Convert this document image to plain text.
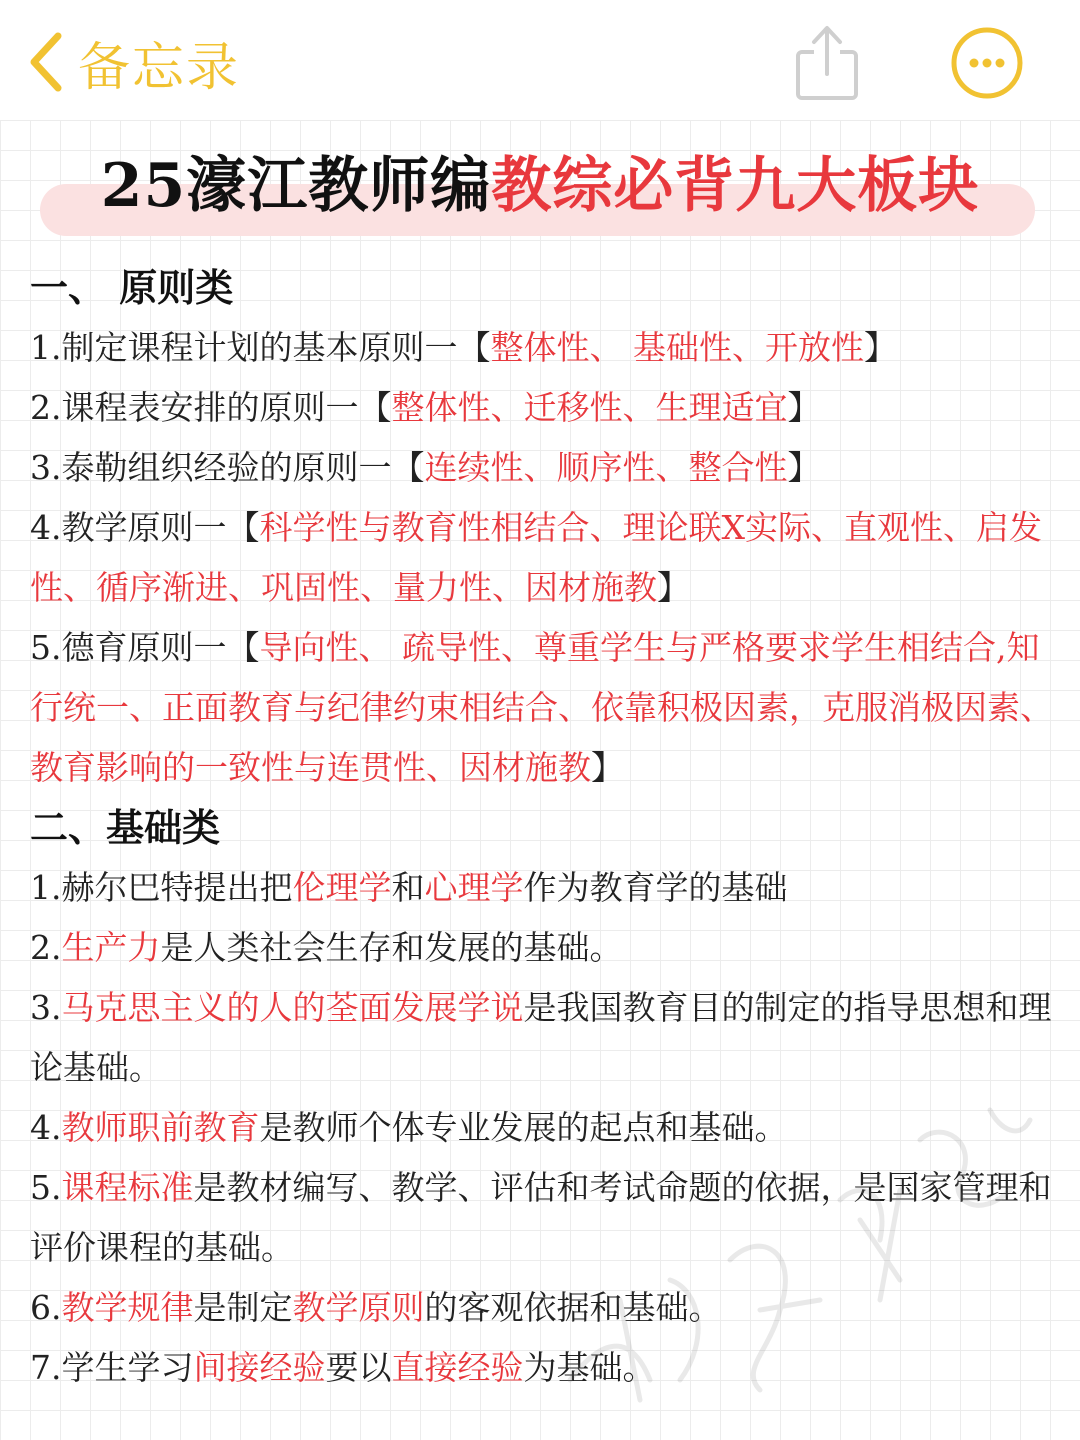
备忘录
25濠江教师编教综必背九大板块
一、 原则类
1.制定课程计划的基本原则一【整体性、 基础性、开放性】
2.课程表安排的原则一【整体性、迁移性、生理适宜】
3.泰勒组织经验的原则一【连续性、顺序性、整合性】
4.教学原则一【科学性与教育性相结合、理论联X实际、直观性、启发性、循序渐进、巩固性、量力性、因材施教】
5.德育原则一【导向性、 疏导性、尊重学生与严格要求学生相结合,知行统一、正面教育与纪律约束相结合、依靠积极因素，克服消极因素、教育影响的一致性与连贯性、因材施教】
二、基础类
1.赫尔巴特提出把伦理学和心理学作为教育学的基础
2.生产力是人类社会生存和发展的基础。
3.马克思主义的人的荃面发展学说是我国教育目的制定的指导思想和理论基础。
4.教师职前教育是教师个体专业发展的起点和基础。
5.课程标准是教材编写、教学、评估和考试命题的依据，是国家管理和评价课程的基础。
6.教学规律是制定教学原则的客观依据和基础。
7.学生学习间接经验要以直接经验为基础。
